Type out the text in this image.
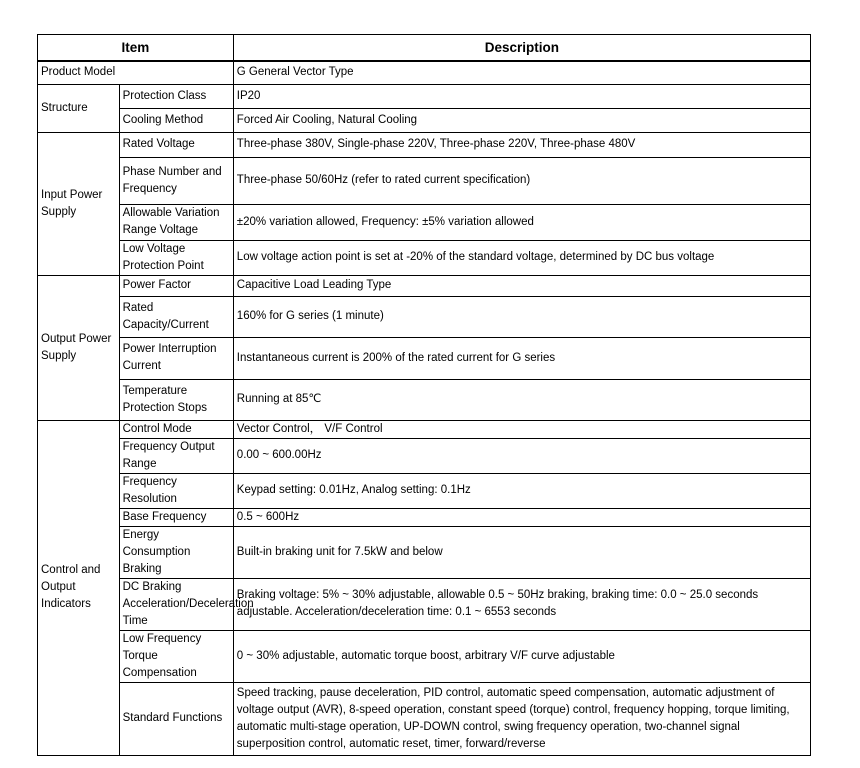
Item		Description
Product Model		G General Vector Type
Structure	Protection Class	IP20
	Cooling Method	Forced Air Cooling, Natural Cooling
Input Power Supply	Rated Voltage	Three-phase 380V, Single-phase 220V, Three-phase 220V, Three-phase 480V
	Phase Number and Frequency	Three-phase 50/60Hz (refer to rated current specification)
	Allowable Variation Range Voltage	±20% variation allowed, Frequency: ±5% variation allowed
	Low Voltage Protection Point	Low voltage action point is set at -20% of the standard voltage, determined by DC bus voltage
Output Power Supply	Power Factor	Capacitive Load Leading Type
	Rated Capacity/Current	160% for G series (1 minute)
	Power Interruption Current	Instantaneous current is 200% of the rated current for G series
	Temperature Protection Stops	Running at 85℃
Control and Output Indicators	Control Mode	Vector Control， V/F Control
	Frequency Output Range	0.00 ~ 600.00Hz
	Frequency Resolution	Keypad setting: 0.01Hz, Analog setting: 0.1Hz
	Base Frequency	0.5 ~ 600Hz
	Energy Consumption Braking	Built-in braking unit for 7.5kW and below
	DC Braking Acceleration/Deceleration Time	Braking voltage: 5% ~ 30% adjustable, allowable 0.5 ~ 50Hz braking, braking time: 0.0 ~ 25.0 seconds adjustable. Acceleration/deceleration time: 0.1 ~ 6553 seconds
	Low Frequency Torque Compensation	0 ~ 30% adjustable, automatic torque boost, arbitrary V/F curve adjustable
	Standard Functions	Speed tracking, pause deceleration, PID control, automatic speed compensation, automatic adjustment of voltage output (AVR), 8-speed operation, constant speed (torque) control, frequency hopping, torque limiting, automatic multi-stage operation, UP-DOWN control, swing frequency operation, two-channel signal superposition control, automatic reset, timer, forward/reverse
